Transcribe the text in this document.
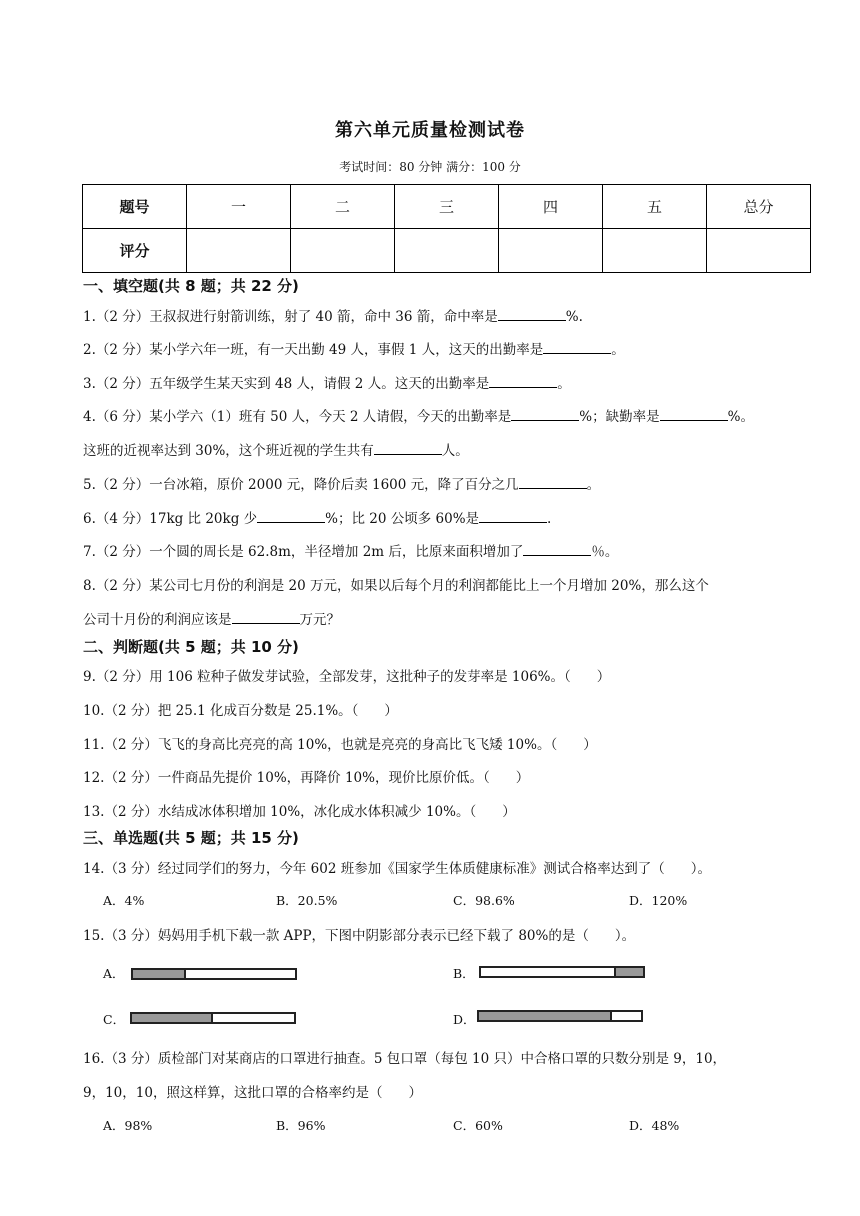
第六单元质量检测试卷
考试时间：80 分钟 满分：100 分
题号	一	二	三	四	五	总分
评分						
一、填空题(共 8 题；共 22 分)
1.（2 分）王叔叔进行射箭训练，射了 40 箭，命中 36 箭，命中率是	%.
2.（2 分）某小学六年一班，有一天出勤 49 人，事假 1 人，这天的出勤率是	。
3.（2 分）五年级学生某天实到 48 人，请假 2 人。这天的出勤率是	。
4.（6 分）某小学六（1）班有 50 人，今天 2 人请假，今天的出勤率是	%；缺勤率是	%。
这班的近视率达到 30%，这个班近视的学生共有	人。
5.（2 分）一台冰箱，原价 2000 元，降价后卖 1600 元，降了百分之几	。
6.（4 分）17kg 比 20kg 少	%；比 20 公顷多 60%是	.
7.（2 分）一个圆的周长是 62.8m，半径增加 2m 后，比原来面积增加了	％。
8.（2 分）某公司七月份的利润是 20 万元，如果以后每个月的利润都能比上一个月增加 20%，那么这个
公司十月份的利润应该是	万元？
二、判断题(共 5 题；共 10 分)
9.（2 分）用 106 粒种子做发芽试验，全部发芽，这批种子的发芽率是 106%。（ ）
10.（2 分）把 25.1 化成百分数是 25.1%。（ ）
11.（2 分）飞飞的身高比亮亮的高 10%，也就是亮亮的身高比飞飞矮 10%。（ ）
12.（2 分）一件商品先提价 10%，再降价 10%，现价比原价低。（ ）
13.（2 分）水结成冰体积增加 10%，冰化成水体积减少 10%。（ ）
三、单选题(共 5 题；共 15 分)
14.（3 分）经过同学们的努力，今年 602 班参加《国家学生体质健康标准》测试合格率达到了（ ）。
A．4%	B．20.5%	C．98.6%	D．120%
15.（3 分）妈妈用手机下载一款 APP，下图中阴影部分表示已经下载了 80%的是（ ）。
A．	B．
C．	D．
16.（3 分）质检部门对某商店的口罩进行抽查。5 包口罩（每包 10 只）中合格口罩的只数分别是 9，10，
9，10，10，照这样算，这批口罩的合格率约是（ ）
A．98%	B．96%	C．60%	D．48%
